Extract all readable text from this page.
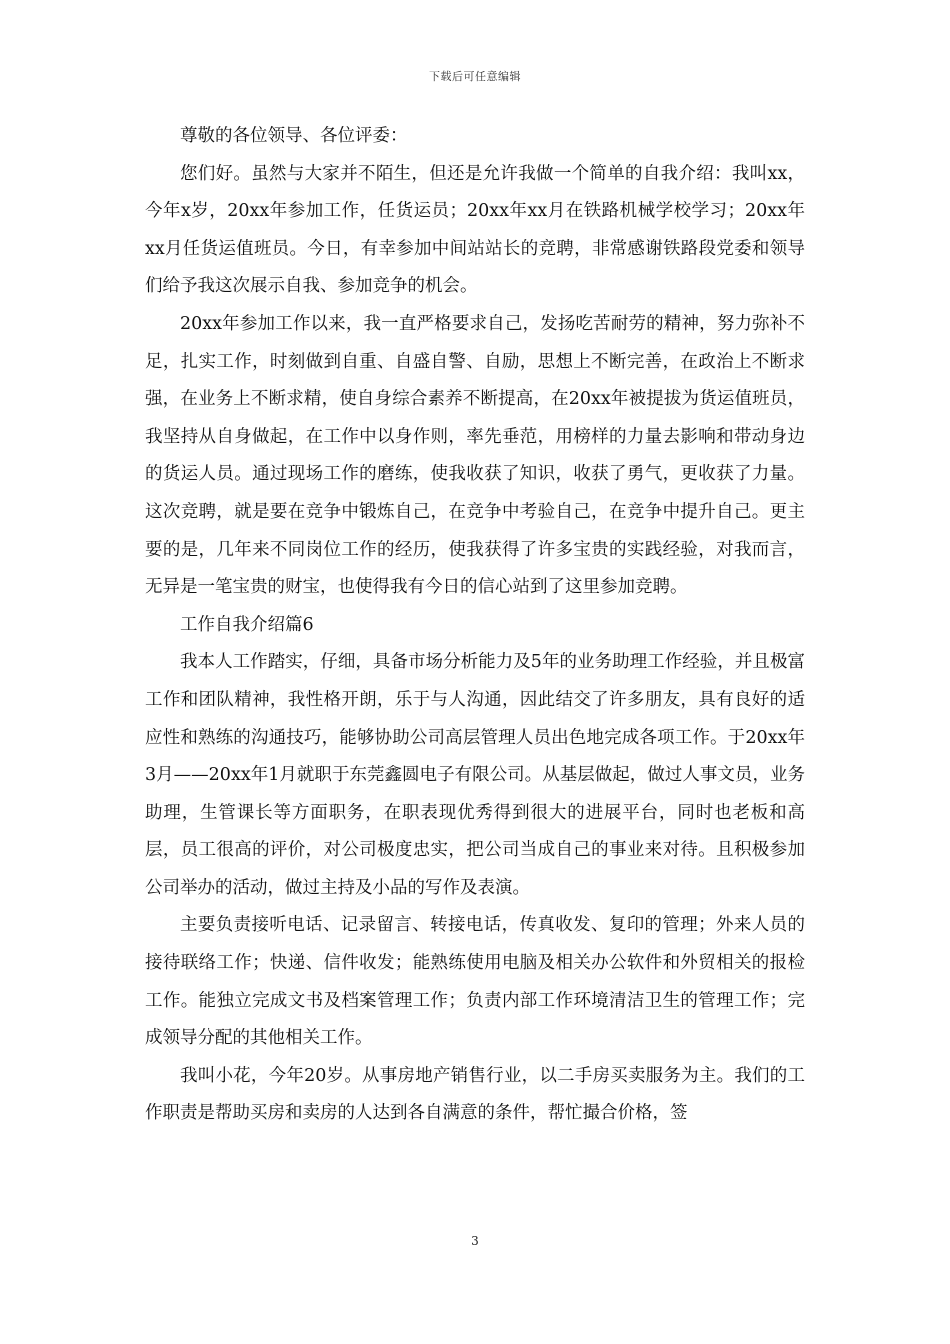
下载后可任意编辑

尊敬的各位领导、各位评委：

您们好。虽然与大家并不陌生，但还是允许我做一个简单的自我介绍：我叫xx，今年x岁，20xx年参加工作，任货运员；20xx年xx月在铁路机械学校学习；20xx年xx月任货运值班员。今日，有幸参加中间站站长的竞聘，非常感谢铁路段党委和领导们给予我这次展示自我、参加竞争的机会。

20xx年参加工作以来，我一直严格要求自己，发扬吃苦耐劳的精神，努力弥补不足，扎实工作，时刻做到自重、自盛自警、自励，思想上不断完善，在政治上不断求强，在业务上不断求精，使自身综合素养不断提高，在20xx年被提拔为货运值班员，我坚持从自身做起，在工作中以身作则，率先垂范，用榜样的力量去影响和带动身边的货运人员。通过现场工作的磨练，使我收获了知识，收获了勇气，更收获了力量。这次竞聘，就是要在竞争中锻炼自己，在竞争中考验自己，在竞争中提升自己。更主要的是，几年来不同岗位工作的经历，使我获得了许多宝贵的实践经验，对我而言，无异是一笔宝贵的财宝，也使得我有今日的信心站到了这里参加竞聘。

工作自我介绍篇6

我本人工作踏实，仔细，具备市场分析能力及5年的业务助理工作经验，并且极富工作和团队精神，我性格开朗，乐于与人沟通，因此结交了许多朋友，具有良好的适应性和熟练的沟通技巧，能够协助公司高层管理人员出色地完成各项工作。于20xx年3月——20xx年1月就职于东莞鑫圆电子有限公司。从基层做起，做过人事文员，业务助理，生管课长等方面职务，在职表现优秀得到很大的进展平台，同时也老板和高层，员工很高的评价，对公司极度忠实，把公司当成自己的事业来对待。且积极参加公司举办的活动，做过主持及小品的写作及表演。

主要负责接听电话、记录留言、转接电话，传真收发、复印的管理；外来人员的接待联络工作；快递、信件收发；能熟练使用电脑及相关办公软件和外贸相关的报检工作。能独立完成文书及档案管理工作；负责内部工作环境清洁卫生的管理工作；完成领导分配的其他相关工作。

我叫小花，今年20岁。从事房地产销售行业，以二手房买卖服务为主。我们的工作职责是帮助买房和卖房的人达到各自满意的条件，帮忙撮合价格，签

3
